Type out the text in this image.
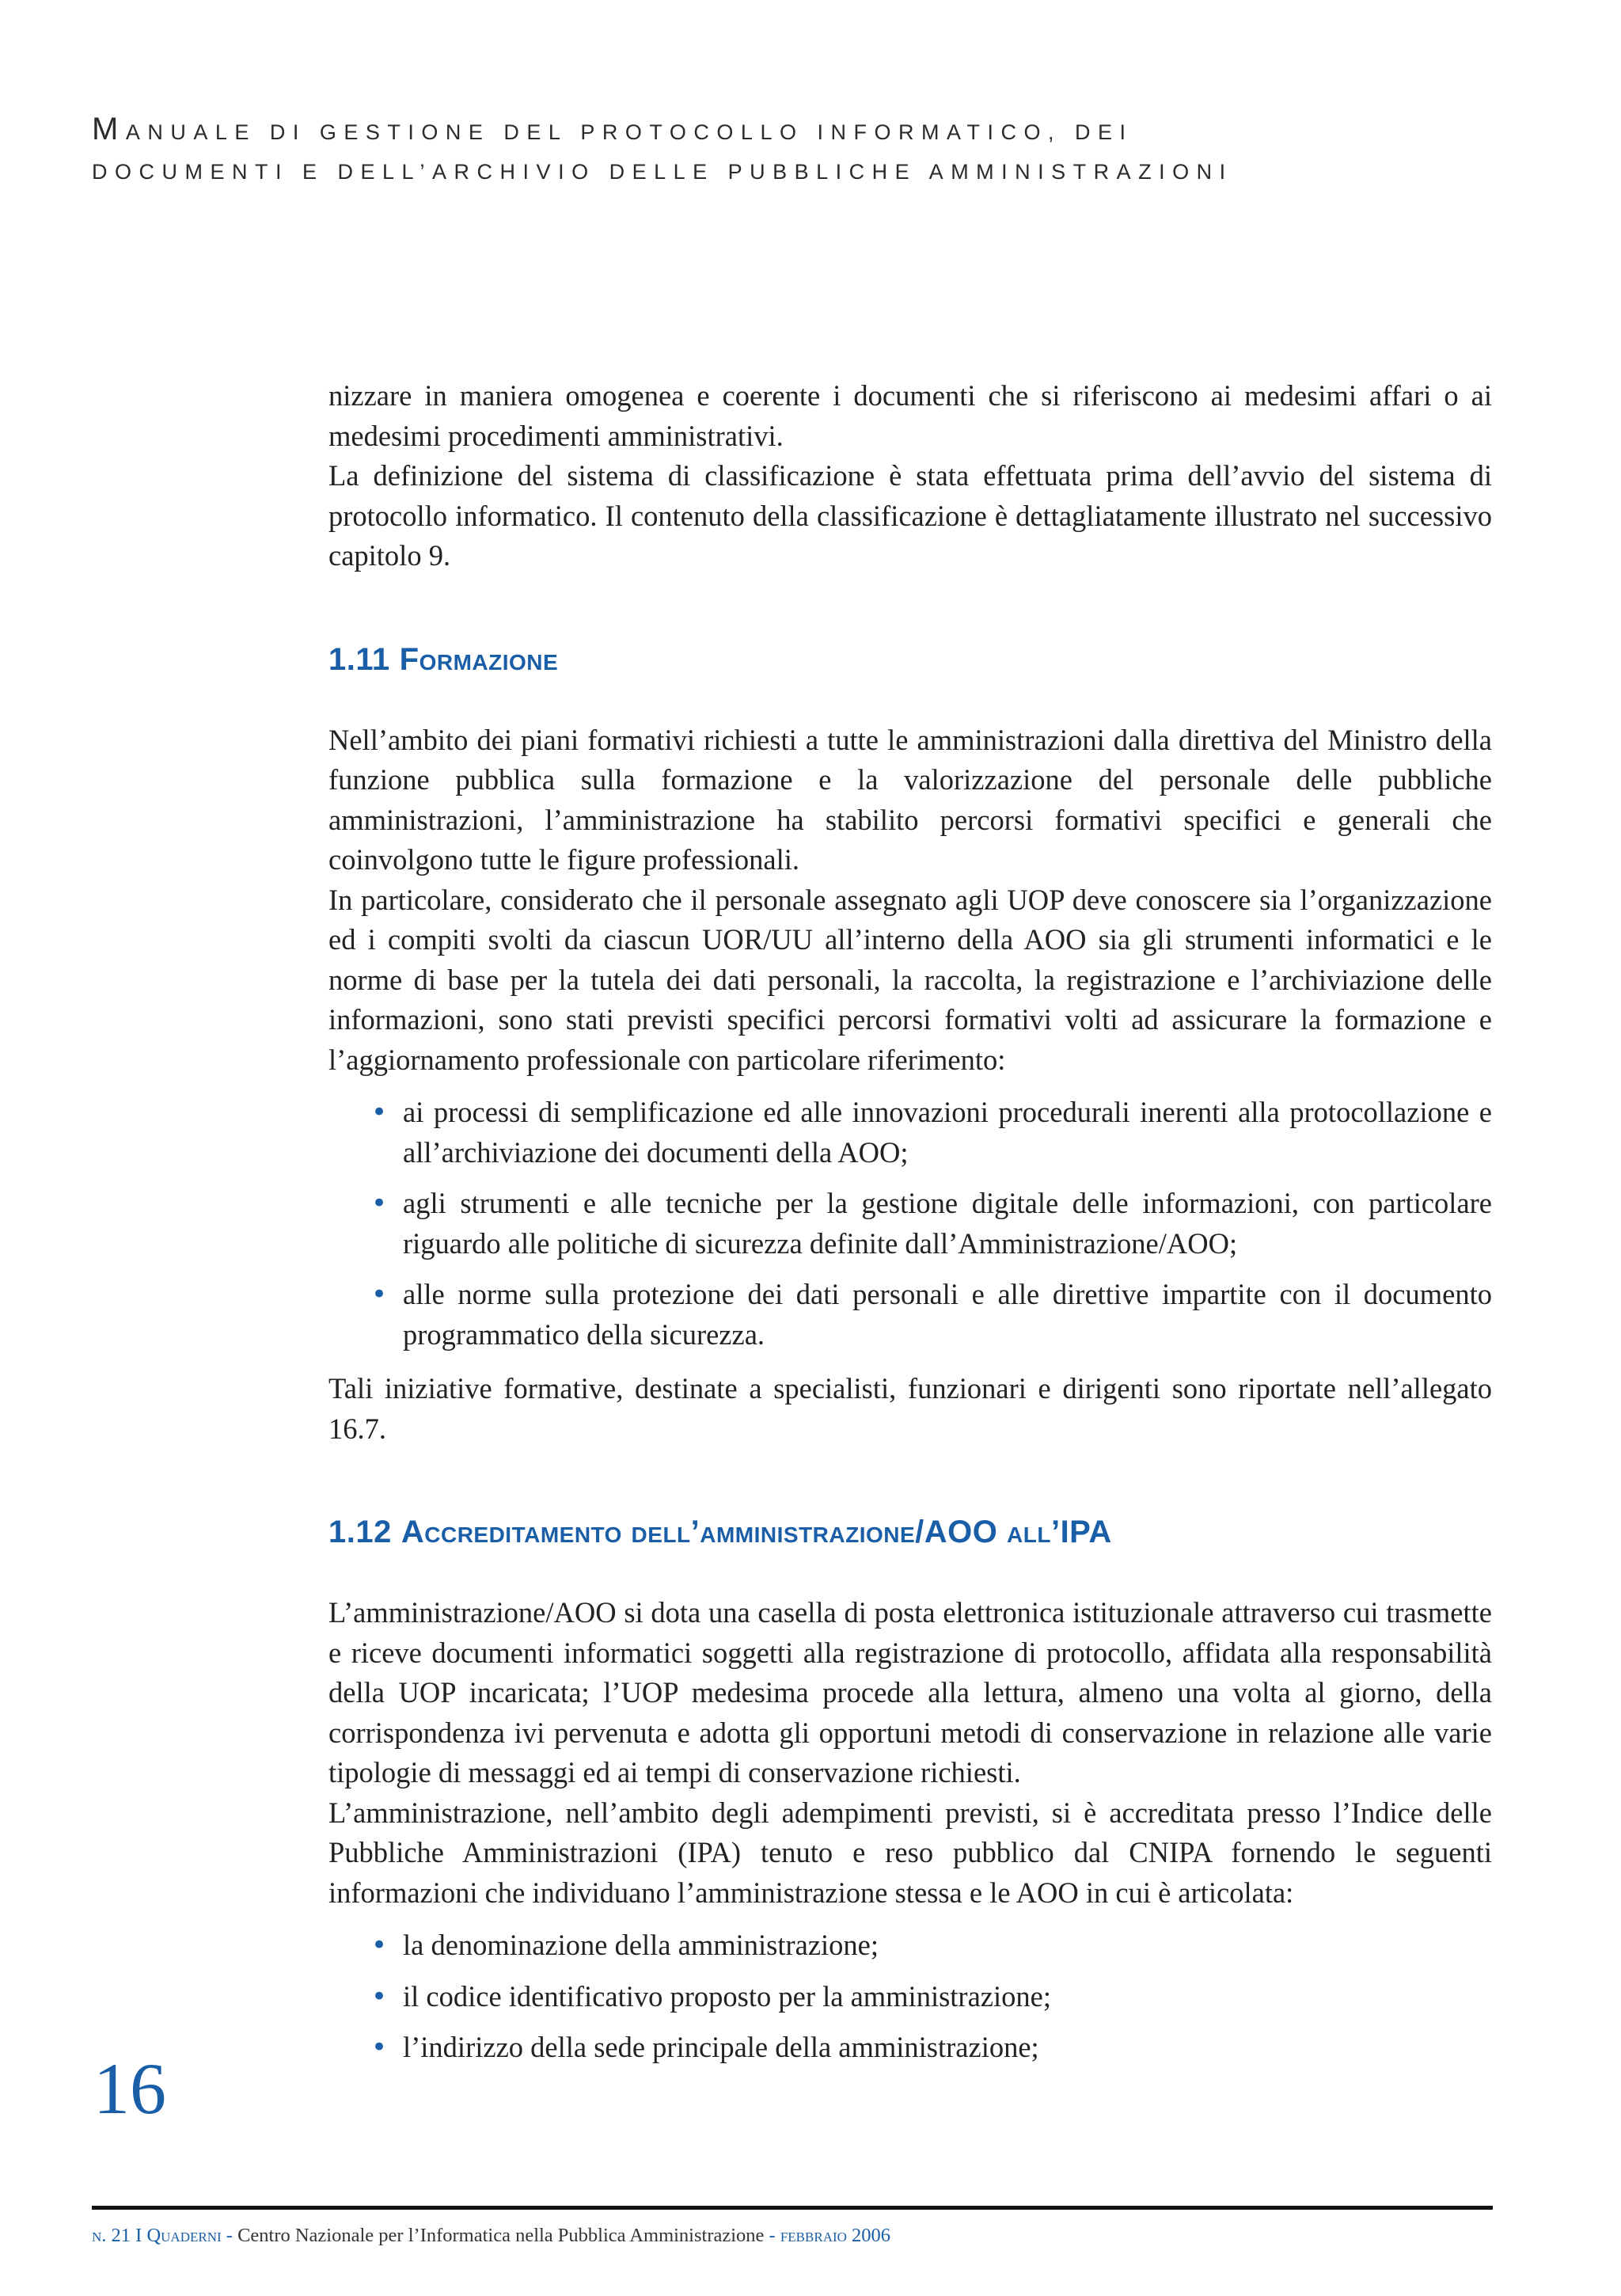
MANUALE DI GESTIONE DEL PROTOCOLLO INFORMATICO, DEI
DOCUMENTI E DELL’ARCHIVIO DELLE PUBBLICHE AMMINISTRAZIONI

nizzare in maniera omogenea e coerente i documenti che si riferiscono ai medesimi affari o ai medesimi procedimenti amministrativi.

La definizione del sistema di classificazione è stata effettuata prima dell’avvio del sistema di protocollo informatico. Il contenuto della classificazione è dettagliatamente illustrato nel successivo capitolo 9.

1.11 Formazione

Nell’ambito dei piani formativi richiesti a tutte le amministrazioni dalla direttiva del Ministro della funzione pubblica sulla formazione e la valorizzazione del personale delle pubbliche amministrazioni, l’amministrazione ha stabilito percorsi formativi specifici e generali che coinvolgono tutte le figure professionali.

In particolare, considerato che il personale assegnato agli UOP deve conoscere sia l’organizzazione ed i compiti svolti da ciascun UOR/UU all’interno della AOO sia gli strumenti informatici e le norme di base per la tutela dei dati personali, la raccolta, la registrazione e l’archiviazione delle informazioni, sono stati previsti specifici percorsi formativi volti ad assicurare la formazione e l’aggiornamento professionale con particolare riferimento:

• ai processi di semplificazione ed alle innovazioni procedurali inerenti alla protocollazione e all’archiviazione dei documenti della AOO;
• agli strumenti e alle tecniche per la gestione digitale delle informazioni, con particolare riguardo alle politiche di sicurezza definite dall’Amministrazione/AOO;
• alle norme sulla protezione dei dati personali e alle direttive impartite con il documento programmatico della sicurezza.

Tali iniziative formative, destinate a specialisti, funzionari e dirigenti sono riportate nell’allegato 16.7.

1.12 Accreditamento dell’amministrazione/AOO all’IPA

L’amministrazione/AOO si dota una casella di posta elettronica istituzionale attraverso cui trasmette e riceve documenti informatici soggetti alla registrazione di protocollo, affidata alla responsabilità della UOP incaricata; l’UOP medesima procede alla lettura, almeno una volta al giorno, della corrispondenza ivi pervenuta e adotta gli opportuni metodi di conservazione in relazione alle varie tipologie di messaggi ed ai tempi di conservazione richiesti.

L’amministrazione, nell’ambito degli adempimenti previsti, si è accreditata presso l’Indice delle Pubbliche Amministrazioni (IPA) tenuto e reso pubblico dal CNIPA fornendo le seguenti informazioni che individuano l’amministrazione stessa e le AOO in cui è articolata:

• la denominazione della amministrazione;
• il codice identificativo proposto per la amministrazione;
• l’indirizzo della sede principale della amministrazione;
16
n. 21 I Quaderni - Centro Nazionale per l’Informatica nella Pubblica Amministrazione - febbraio 2006
